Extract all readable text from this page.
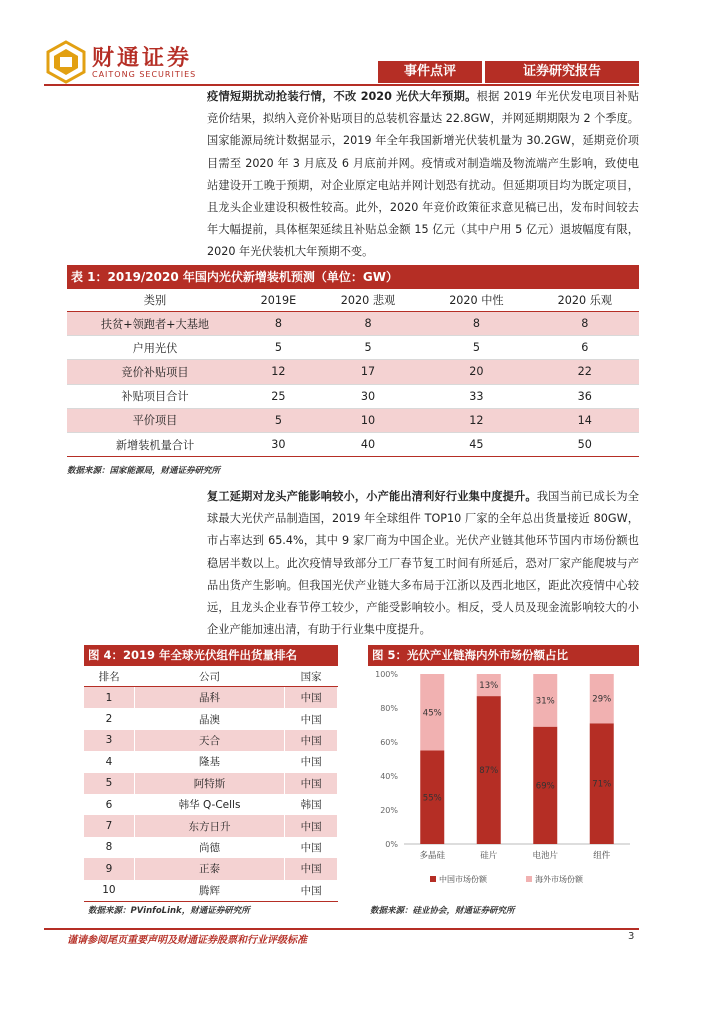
财通证券
CAITONG SECURITIES	事件点评	证券研究报告

疫情短期扰动抢装行情，不改 2020 光伏大年预期。根据 2019 年光伏发电项目补贴竞价结果，拟纳入竞价补贴项目的总装机容量达 22.8GW，并网延期期限为 2 个季度。国家能源局统计数据显示，2019 年全年我国新增光伏装机量为 30.2GW，延期竞价项目需至 2020 年 3 月底及 6 月底前并网。疫情或对制造端及物流端产生影响，致使电站建设开工晚于预期，对企业原定电站并网计划恐有扰动。但延期项目均为既定项目，且龙头企业建设积极性较高。此外，2020 年竞价政策征求意见稿已出，发布时间较去年大幅提前，具体框架延续且补贴总金额 15 亿元（其中户用 5 亿元）退坡幅度有限，2020 年光伏装机大年预期不变。

表 1：2019/2020 年国内光伏新增装机预测（单位：GW）
类别	2019E	2020 悲观	2020 中性	2020 乐观
扶贫+领跑者+大基地	8	8	8	8
户用光伏	5	5	5	6
竞价补贴项目	12	17	20	22
补贴项目合计	25	30	33	36
平价项目	5	10	12	14
新增装机量合计	30	40	45	50
数据来源：国家能源局，财通证券研究所

复工延期对龙头产能影响较小，小产能出清利好行业集中度提升。我国当前已成长为全球最大光伏产品制造国，2019 年全球组件 TOP10 厂家的全年总出货量接近 80GW，市占率达到 65.4%，其中 9 家厂商为中国企业。光伏产业链其他环节国内市场份额也稳居半数以上。此次疫情导致部分工厂春节复工时间有所延后，恐对厂家产能爬坡与产品出货产生影响。但我国光伏产业链大多布局于江浙以及西北地区，距此次疫情中心较远，且龙头企业春节停工较少，产能受影响较小。相反，受人员及现金流影响较大的小企业产能加速出清，有助于行业集中度提升。

图 4：2019 年全球光伏组件出货量排名
排名	公司	国家
1	晶科	中国
2	晶澳	中国
3	天合	中国
4	隆基	中国
5	阿特斯	中国
6	韩华 Q-Cells	韩国
7	东方日升	中国
8	尚德	中国
9	正泰	中国
10	腾辉	中国
数据来源：PVinfoLink，财通证券研究所
图 5：光伏产业链海内外市场份额占比
0%
20%
40%
60%
80%
100%
55%
45%
多晶硅
87%
13%
硅片
69%
31%
电池片
71%
29%
组件
中国市场份额	海外市场份额
数据来源：硅业协会，财通证券研究所
谨请参阅尾页重要声明及财通证券股票和行业评级标准	3
